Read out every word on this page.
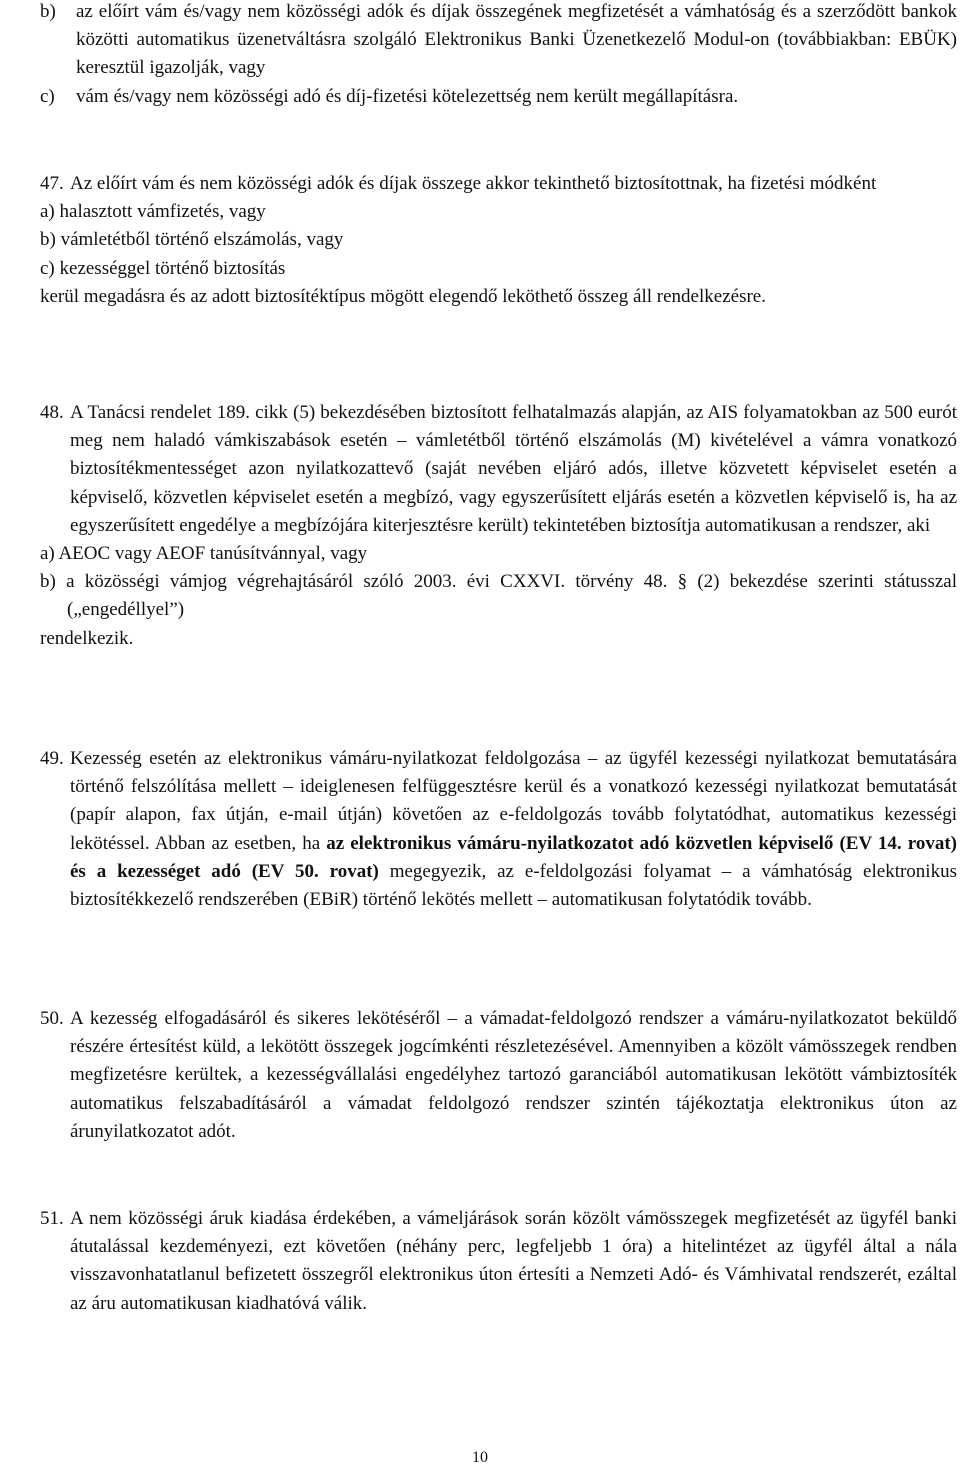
b) az előírt vám és/vagy nem közösségi adók és díjak összegének megfizetését a vámhatóság és a szerződött bankok közötti automatikus üzenetváltásra szolgáló Elektronikus Banki Üzenetkezelő Modul-on (továbbiakban: EBÜK) keresztül igazolják, vagy

c) vám és/vagy nem közösségi adó és díj-fizetési kötelezettség nem került megállapításra.

47. Az előírt vám és nem közösségi adók és díjak összege akkor tekinthető biztosítottnak, ha fizetési módként

a) halasztott vámfizetés, vagy

b) vámletétből történő elszámolás, vagy

c) kezességgel történő biztosítás

kerül megadásra és az adott biztosítéktípus mögött elegendő leköthető összeg áll rendelkezésre.

48. A Tanácsi rendelet 189. cikk (5) bekezdésében biztosított felhatalmazás alapján, az AIS folyamatokban az 500 eurót meg nem haladó vámkiszabások esetén – vámletétből történő elszámolás (M) kivételével a vámra vonatkozó biztosítékmentességet azon nyilatkozattevő (saját nevében eljáró adós, illetve közvetett képviselet esetén a képviselő, közvetlen képviselet esetén a megbízó, vagy egyszerűsített eljárás esetén a közvetlen képviselő is, ha az egyszerűsített engedélye a megbízójára kiterjesztésre került) tekintetében biztosítja automatikusan a rendszer, aki

a) AEOC vagy AEOF tanúsítvánnyal, vagy

b) a közösségi vámjog végrehajtásáról szóló 2003. évi CXXVI. törvény 48. § (2) bekezdése szerinti státusszal („engedéllyel”)

rendelkezik.

49. Kezesség esetén az elektronikus vámáru-nyilatkozat feldolgozása – az ügyfél kezességi nyilatkozat bemutatására történő felszólítása mellett – ideiglenesen felfüggesztésre kerül és a vonatkozó kezességi nyilatkozat bemutatását (papír alapon, fax útján, e-mail útján) követően az e-feldolgozás tovább folytatódhat, automatikus kezességi lekötéssel. Abban az esetben, ha az elektronikus vámáru-nyilatkozatot adó közvetlen képviselő (EV 14. rovat) és a kezességet adó (EV 50. rovat) megegyezik, az e-feldolgozási folyamat – a vámhatóság elektronikus biztosítékkezelő rendszerében (EBiR) történő lekötés mellett – automatikusan folytatódik tovább.

50. A kezesség elfogadásáról és sikeres lekötéséről – a vámadat-feldolgozó rendszer a vámáru-nyilatkozatot beküldő részére értesítést küld, a lekötött összegek jogcímkénti részletezésével. Amennyiben a közölt vámösszegek rendben megfizetésre kerültek, a kezességvállalási engedélyhez tartozó garanciából automatikusan lekötött vámbiztosíték automatikus felszabadításáról a vámadat feldolgozó rendszer szintén tájékoztatja elektronikus úton az árunyilatkozatot adót.

51. A nem közösségi áruk kiadása érdekében, a vámeljárások során közölt vámösszegek megfizetését az ügyfél banki átutalással kezdeményezi, ezt követően (néhány perc, legfeljebb 1 óra) a hitelintézet az ügyfél által a nála visszavonhatatlanul befizetett összegről elektronikus úton értesíti a Nemzeti Adó- és Vámhivatal rendszerét, ezáltal az áru automatikusan kiadhatóvá válik.

10
